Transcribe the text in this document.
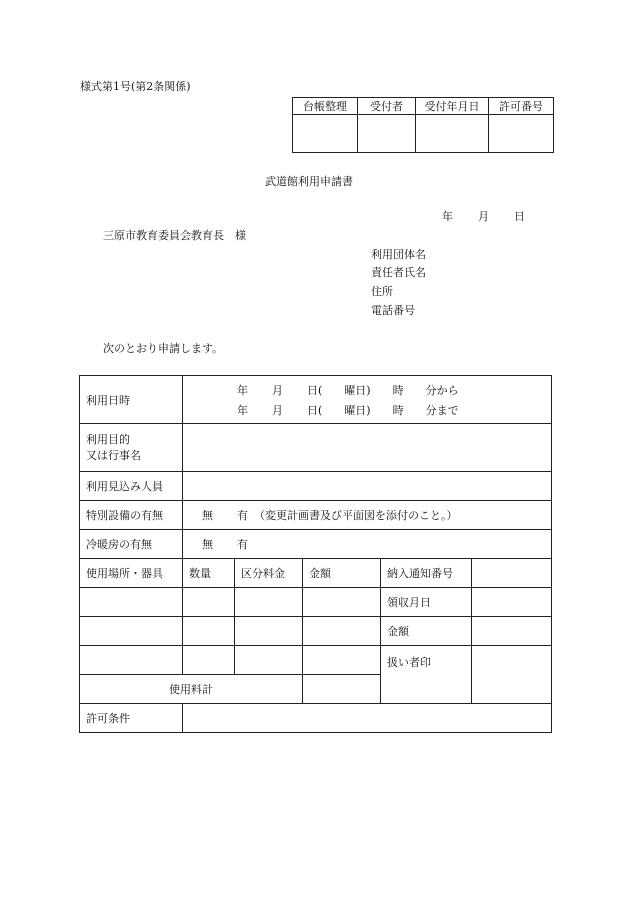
様式第1号(第2条関係)
台帳整理	受付者	受付年月日	許可番号

武道館利用申請書
年 月 日
三原市教育委員会教育長　様
利用団体名
責任者氏名
住所
電話番号
次のとおり申請します。
利用日時	年 月 日( 曜日) 時 分から
年 月 日( 曜日) 時 分まで				

利用目的
又は行事名					

利用見込み人員					
特別設備の有無	無 有 （変更計画書及び平面図を添付のこと。）				
冷暖房の有無	無 有				
使用場所・器具	数量	区分料金	金額	納入通知番号	
				領収月日	
				金額	
				扱い者印	
使用料計					
許可条件					
